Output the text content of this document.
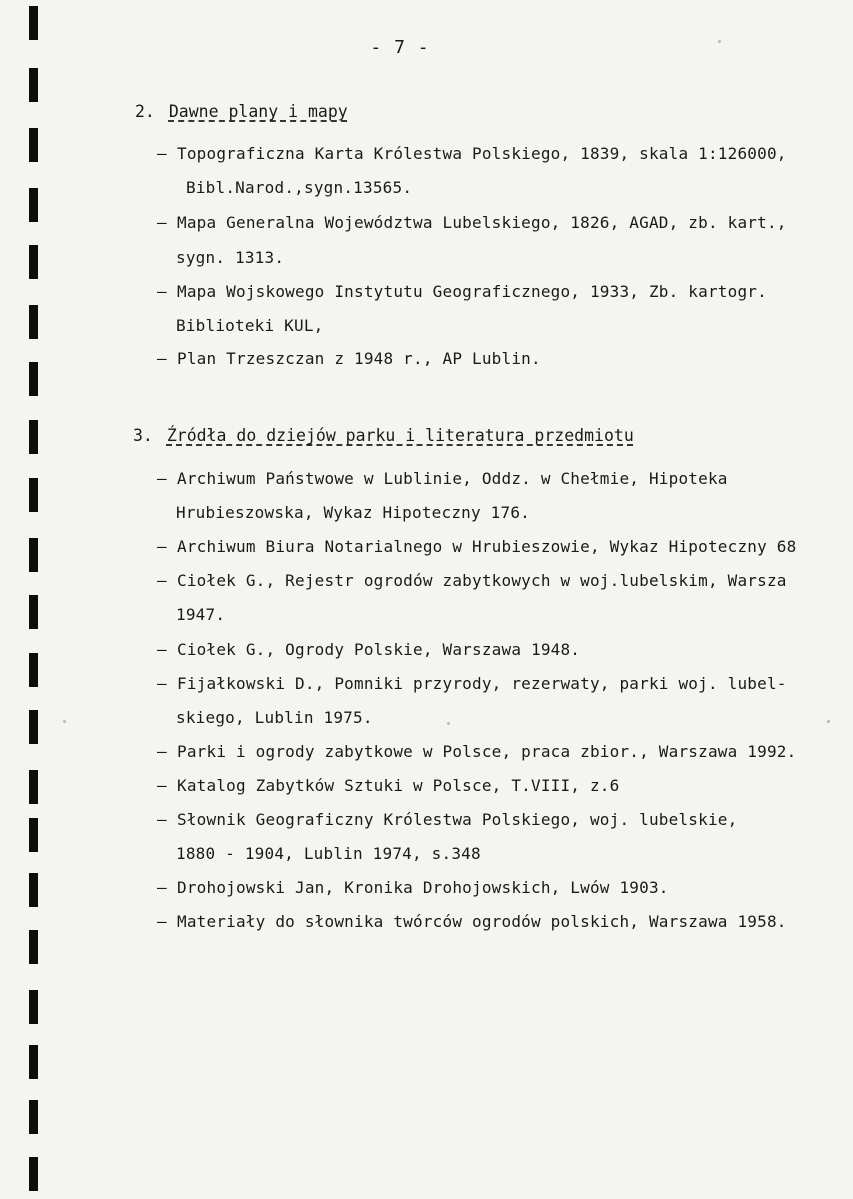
- 7 -
2. Dawne plany i mapy
– Topograficzna Karta Królestwa Polskiego, 1839, skala 1:126000,
Bibl.Narod.,sygn.13565.
– Mapa Generalna Województwa Lubelskiego, 1826, AGAD, zb. kart.,
sygn. 1313.
– Mapa Wojskowego Instytutu Geograficznego, 1933, Zb. kartogr.
Biblioteki KUL,
– Plan Trzeszczan z 1948 r., AP Lublin.
3. Źródła do dziejów parku i literatura przedmiotu
– Archiwum Państwowe w Lublinie, Oddz. w Chełmie, Hipoteka
Hrubieszowska, Wykaz Hipoteczny 176.
– Archiwum Biura Notarialnego w Hrubieszowie, Wykaz Hipoteczny 68
– Ciołek G., Rejestr ogrodów zabytkowych w woj.lubelskim, Warsza
1947.
– Ciołek G., Ogrody Polskie, Warszawa 1948.
– Fijałkowski D., Pomniki przyrody, rezerwaty, parki woj. lubel-
skiego, Lublin 1975.
– Parki i ogrody zabytkowe w Polsce, praca zbior., Warszawa 1992.
– Katalog Zabytków Sztuki w Polsce, T.VIII, z.6
– Słownik Geograficzny Królestwa Polskiego, woj. lubelskie,
1880 - 1904, Lublin 1974, s.348
– Drohojowski Jan, Kronika Drohojowskich, Lwów 1903.
– Materiały do słownika twórców ogrodów polskich, Warszawa 1958.
